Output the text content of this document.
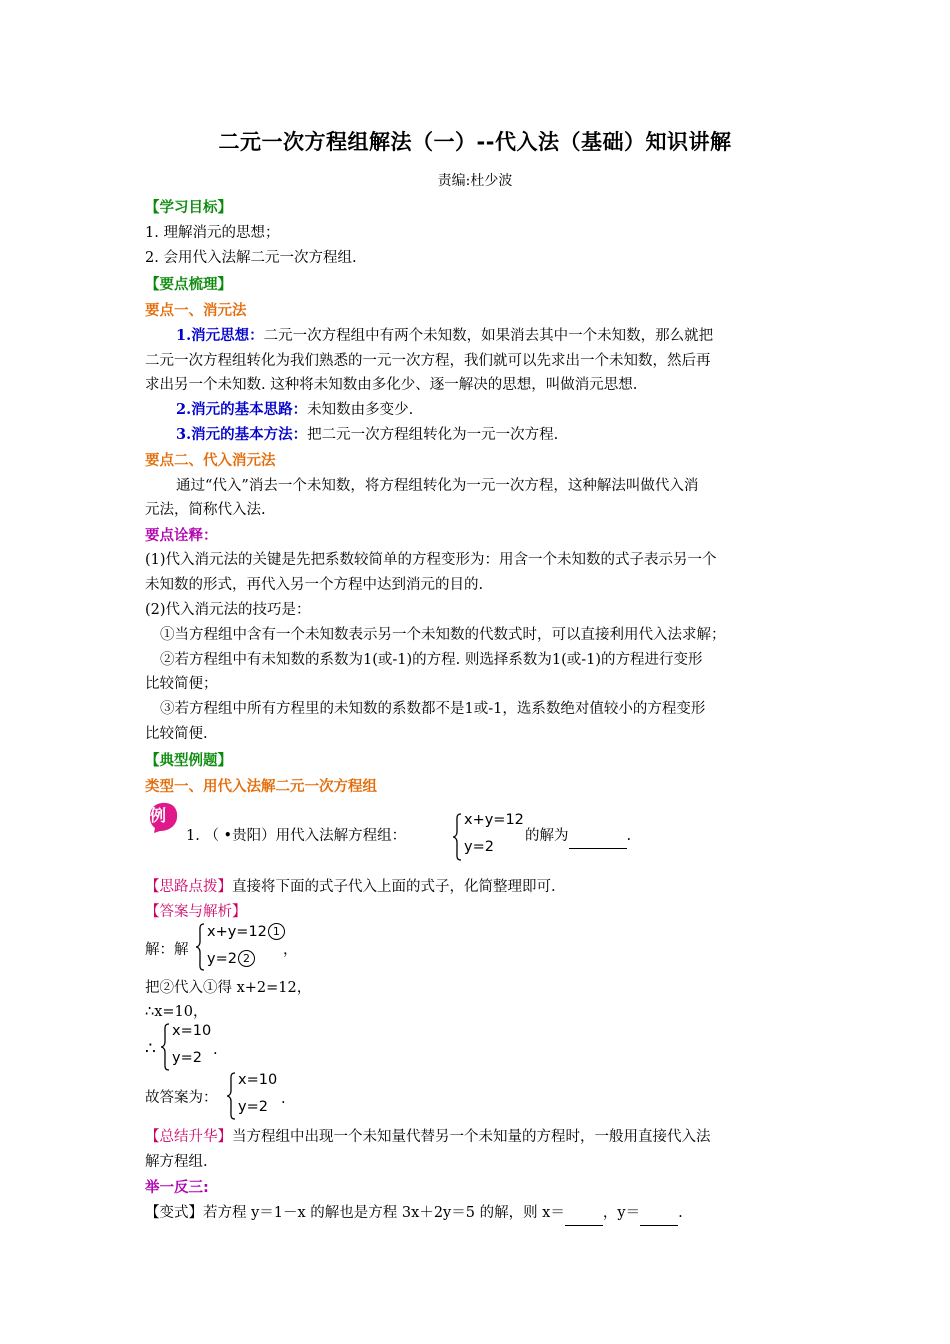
二元一次方程组解法（一）--代入法（基础）知识讲解
责编:杜少波
【学习目标】
1. 理解消元的思想；
2. 会用代入法解二元一次方程组.
【要点梳理】
要点一、消元法
1.消元思想：二元一次方程组中有两个未知数，如果消去其中一个未知数，那么就把
二元一次方程组转化为我们熟悉的一元一次方程，我们就可以先求出一个未知数，然后再
求出另一个未知数. 这种将未知数由多化少、逐一解决的思想，叫做消元思想.
2.消元的基本思路：未知数由多变少.
3.消元的基本方法：把二元一次方程组转化为一元一次方程.
要点二、代入消元法
通过“代入”消去一个未知数，将方程组转化为一元一次方程，这种解法叫做代入消
元法，简称代入法.
要点诠释：
(1)代入消元法的关键是先把系数较简单的方程变形为：用含一个未知数的式子表示另一个
未知数的形式，再代入另一个方程中达到消元的目的.
(2)代入消元法的技巧是：
①当方程组中含有一个未知数表示另一个未知数的代数式时，可以直接利用代入法求解；
②若方程组中有未知数的系数为1(或-1)的方程. 则选择系数为1(或-1)的方程进行变形
比较简便；
③若方程组中所有方程里的未知数的系数都不是1或-1，选系数绝对值较小的方程变形
比较简便.
【典型例题】
类型一、用代入法解二元一次方程组
例
1. （ •贵阳）用代入法解方程组：
x+y=12
y=2
的解为	.
【思路点拨】直接将下面的式子代入上面的式子，化简整理即可.
【答案与解析】
解：解
x+y=12 1
y=2 2
，
把②代入①得 x+2=12，
∴x=10，
∴
x=10
y=2 .
故答案为：
x=10
y=2 .
【总结升华】当方程组中出现一个未知量代替另一个未知量的方程时，一般用直接代入法
解方程组.
举一反三:
【变式】若方程 y＝1－x 的解也是方程 3x＋2y＝5 的解，则 x＝	，y＝	.
